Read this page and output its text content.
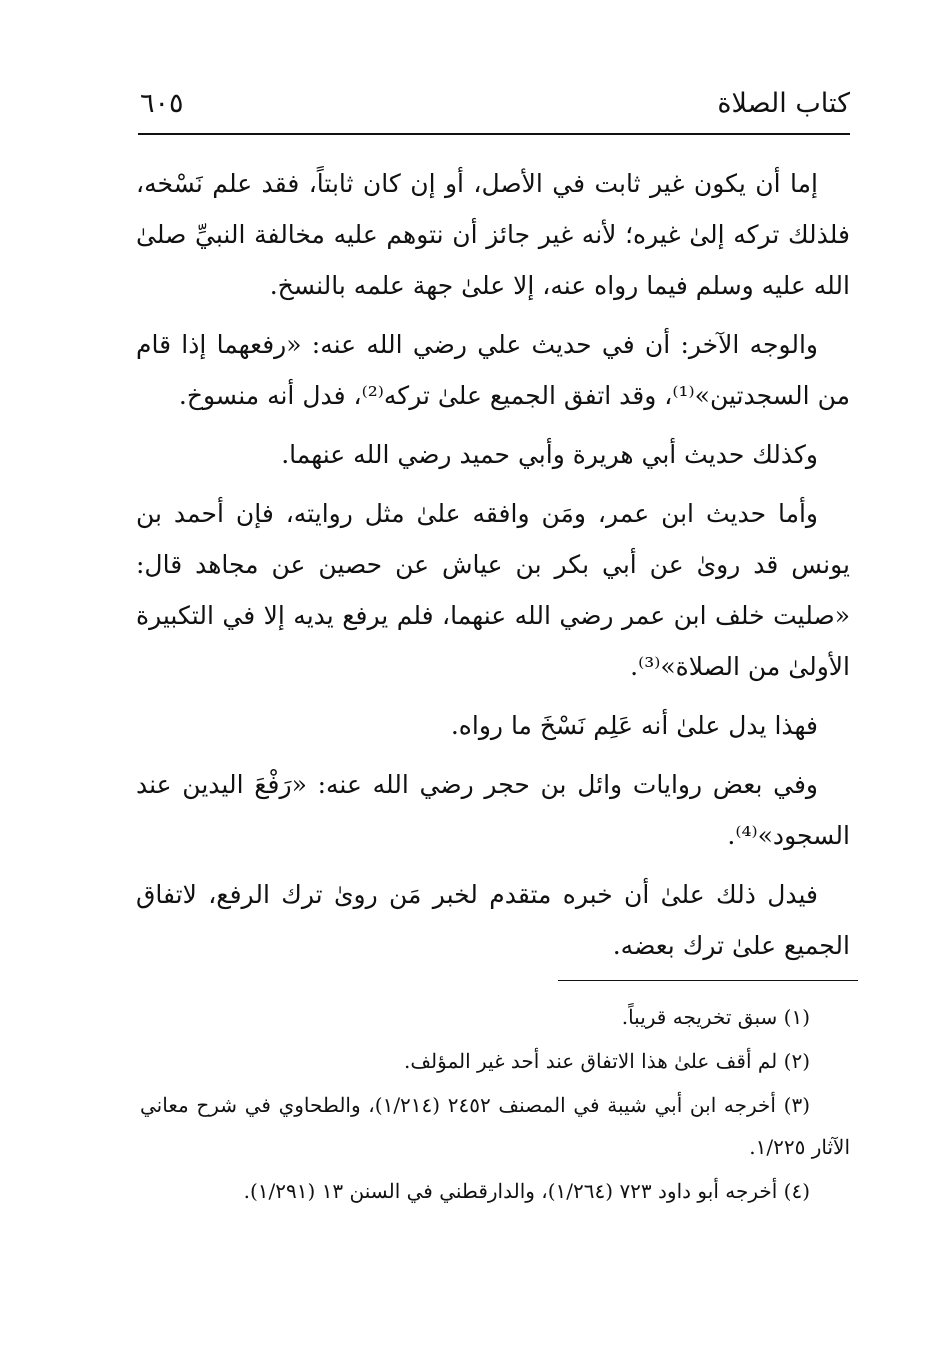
كتاب الصلاة
٦٠٥

إما أن يكون غير ثابت في الأصل، أو إن كان ثابتاً، فقد علم نَسْخه، فلذلك تركه إلىٰ غيره؛ لأنه غير جائز أن نتوهم عليه مخالفة النبيِّ صلىٰ الله عليه وسلم فيما رواه عنه، إلا علىٰ جهة علمه بالنسخ.

والوجه الآخر: أن في حديث علي رضي الله عنه: «رفعهما إذا قام من السجدتين»⁽¹⁾، وقد اتفق الجميع علىٰ تركه⁽²⁾، فدل أنه منسوخ.

وكذلك حديث أبي هريرة وأبي حميد رضي الله عنهما.

وأما حديث ابن عمر، ومَن وافقه علىٰ مثل روايته، فإن أحمد بن يونس قد روىٰ عن أبي بكر بن عياش عن حصين عن مجاهد قال: «صليت خلف ابن عمر رضي الله عنهما، فلم يرفع يديه إلا في التكبيرة الأولىٰ من الصلاة»⁽³⁾.

فهذا يدل علىٰ أنه عَلِم نَسْخَ ما رواه.

وفي بعض روايات وائل بن حجر رضي الله عنه: «رَفْعَ اليدين عند السجود»⁽⁴⁾.

فيدل ذلك علىٰ أن خبره متقدم لخبر مَن روىٰ ترك الرفع، لاتفاق الجميع علىٰ ترك بعضه.

(١) سبق تخريجه قريباً.

(٢) لم أقف علىٰ هذا الاتفاق عند أحد غير المؤلف.

(٣) أخرجه ابن أبي شيبة في المصنف ٢٤٥٢ (١/٢١٤)، والطحاوي في شرح معاني الآثار ١/٢٢٥.

(٤) أخرجه أبو داود ٧٢٣ (١/٢٦٤)، والدارقطني في السنن ١٣ (١/٢٩١).
